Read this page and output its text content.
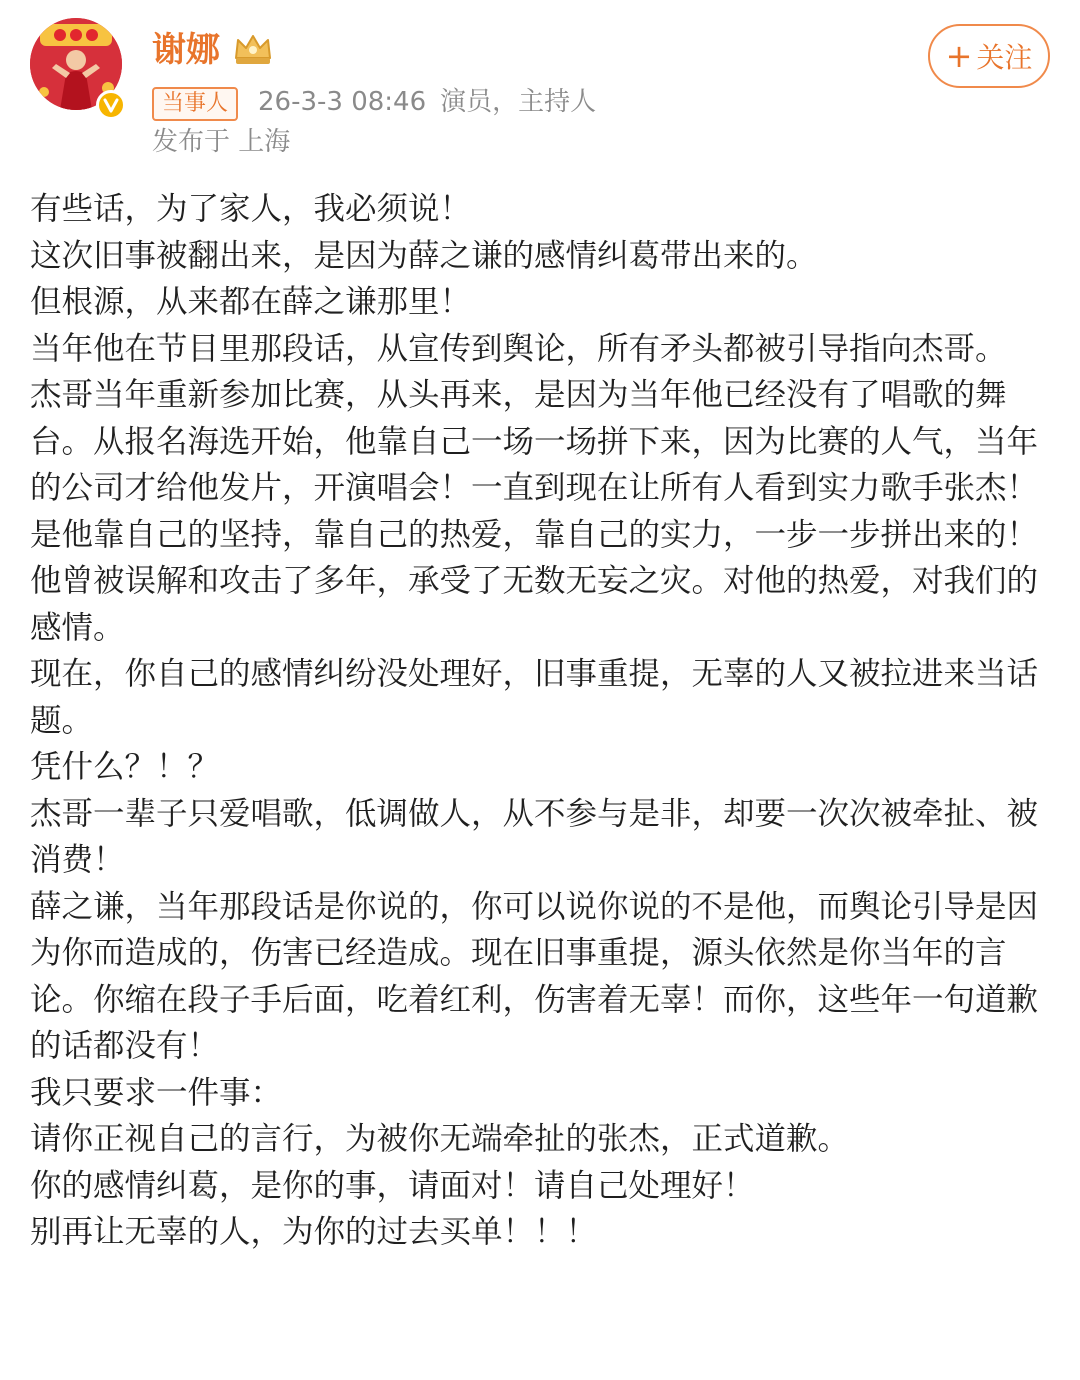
谢娜
当事人	26-3-3 08:46 演员，主持人
发布于 上海
+ 关注

有些话，为了家人，我必须说！

这次旧事被翻出来，是因为薛之谦的感情纠葛带出来的。

但根源，从来都在薛之谦那里！

当年他在节目里那段话，从宣传到舆论，所有矛头都被引导指向杰哥。

杰哥当年重新参加比赛，从头再来，是因为当年他已经没有了唱歌的舞台。从报名海选开始，他靠自己一场一场拼下来，因为比赛的人气，当年的公司才给他发片，开演唱会！一直到现在让所有人看到实力歌手张杰！是他靠自己的坚持，靠自己的热爱，靠自己的实力，一步一步拼出来的！

他曾被误解和攻击了多年，承受了无数无妄之灾。对他的热爱，对我们的感情。

现在，你自己的感情纠纷没处理好，旧事重提，无辜的人又被拉进来当话题。

凭什么？！？

杰哥一辈子只爱唱歌，低调做人，从不参与是非，却要一次次被牵扯、被消费！

薛之谦，当年那段话是你说的，你可以说你说的不是他，而舆论引导是因为你而造成的，伤害已经造成。现在旧事重提，源头依然是你当年的言论。你缩在段子手后面，吃着红利，伤害着无辜！而你，这些年一句道歉的话都没有！

我只要求一件事：

请你正视自己的言行，为被你无端牵扯的张杰，正式道歉。

你的感情纠葛，是你的事，请面对！请自己处理好！

别再让无辜的人，为你的过去买单！！！
